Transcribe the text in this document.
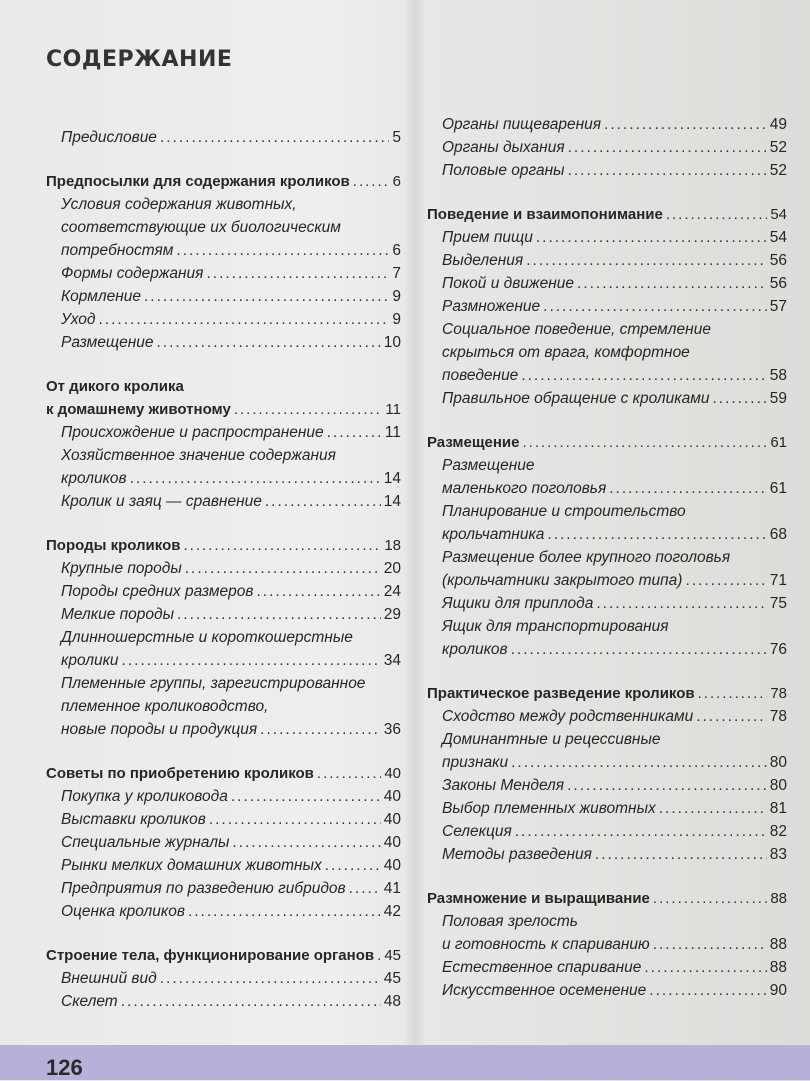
СОДЕРЖАНИЕ
Предисловие .....	5
Предпосылки для содержания кроликов .....	6
Условия содержания животных,
соответствующие их биологическим
потребностям .....	6
Формы содержания .....	7
Кормление .....	9
Уход .....	9
Размещение .....	10
От дикого кролика
к домашнему животному .....	11
Происхождение и распространение .....	11
Хозяйственное значение содержания
кроликов .....	14
Кролик и заяц — сравнение .....	14
Породы кроликов .....	18
Крупные породы .....	20
Породы средних размеров .....	24
Мелкие породы .....	29
Длинношерстные и короткошерстные
кролики .....	34
Племенные группы, зарегистрированное
племенное кролиководство,
новые породы и продукция .....	36
Советы по приобретению кроликов .....	40
Покупка у кроликовода .....	40
Выставки кроликов .....	40
Специальные журналы .....	40
Рынки мелких домашних животных .....	40
Предприятия по разведению гибридов ..... 41
Оценка кроликов .....	42
Строение тела, функционирование органов ..... 45
Внешний вид .....	45
Скелет .....	48
Органы пищеварения .....	49
Органы дыхания .....	52
Половые органы .....	52
Поведение и взаимопонимание .....	54
Прием пищи .....	54
Выделения .....	56
Покой и движение .....	56
Размножение .....	57
Социальное поведение, стремление
скрыться от врага, комфортное
поведение .....	58
Правильное обращение с кроликами .....	59
Размещение .....	61
Размещение
маленького поголовья .....	61
Планирование и строительство
крольчатника .....	68
Размещение более крупного поголовья
(крольчатники закрытого типа) .....	71
Ящики для приплода .....	75
Ящик для транспортирования
кроликов .....	76
Практическое разведение кроликов .....	78
Сходство между родственниками .....	78
Доминантные и рецессивные
признаки .....	80
Законы Менделя .....	80
Выбор племенных животных .....	81
Селекция .....	82
Методы разведения .....	83
Размножение и выращивание .....	88
Половая зрелость
и готовность к спариванию .....	88
Естественное спаривание .....	88
Искусственное осеменение .....	90
126
